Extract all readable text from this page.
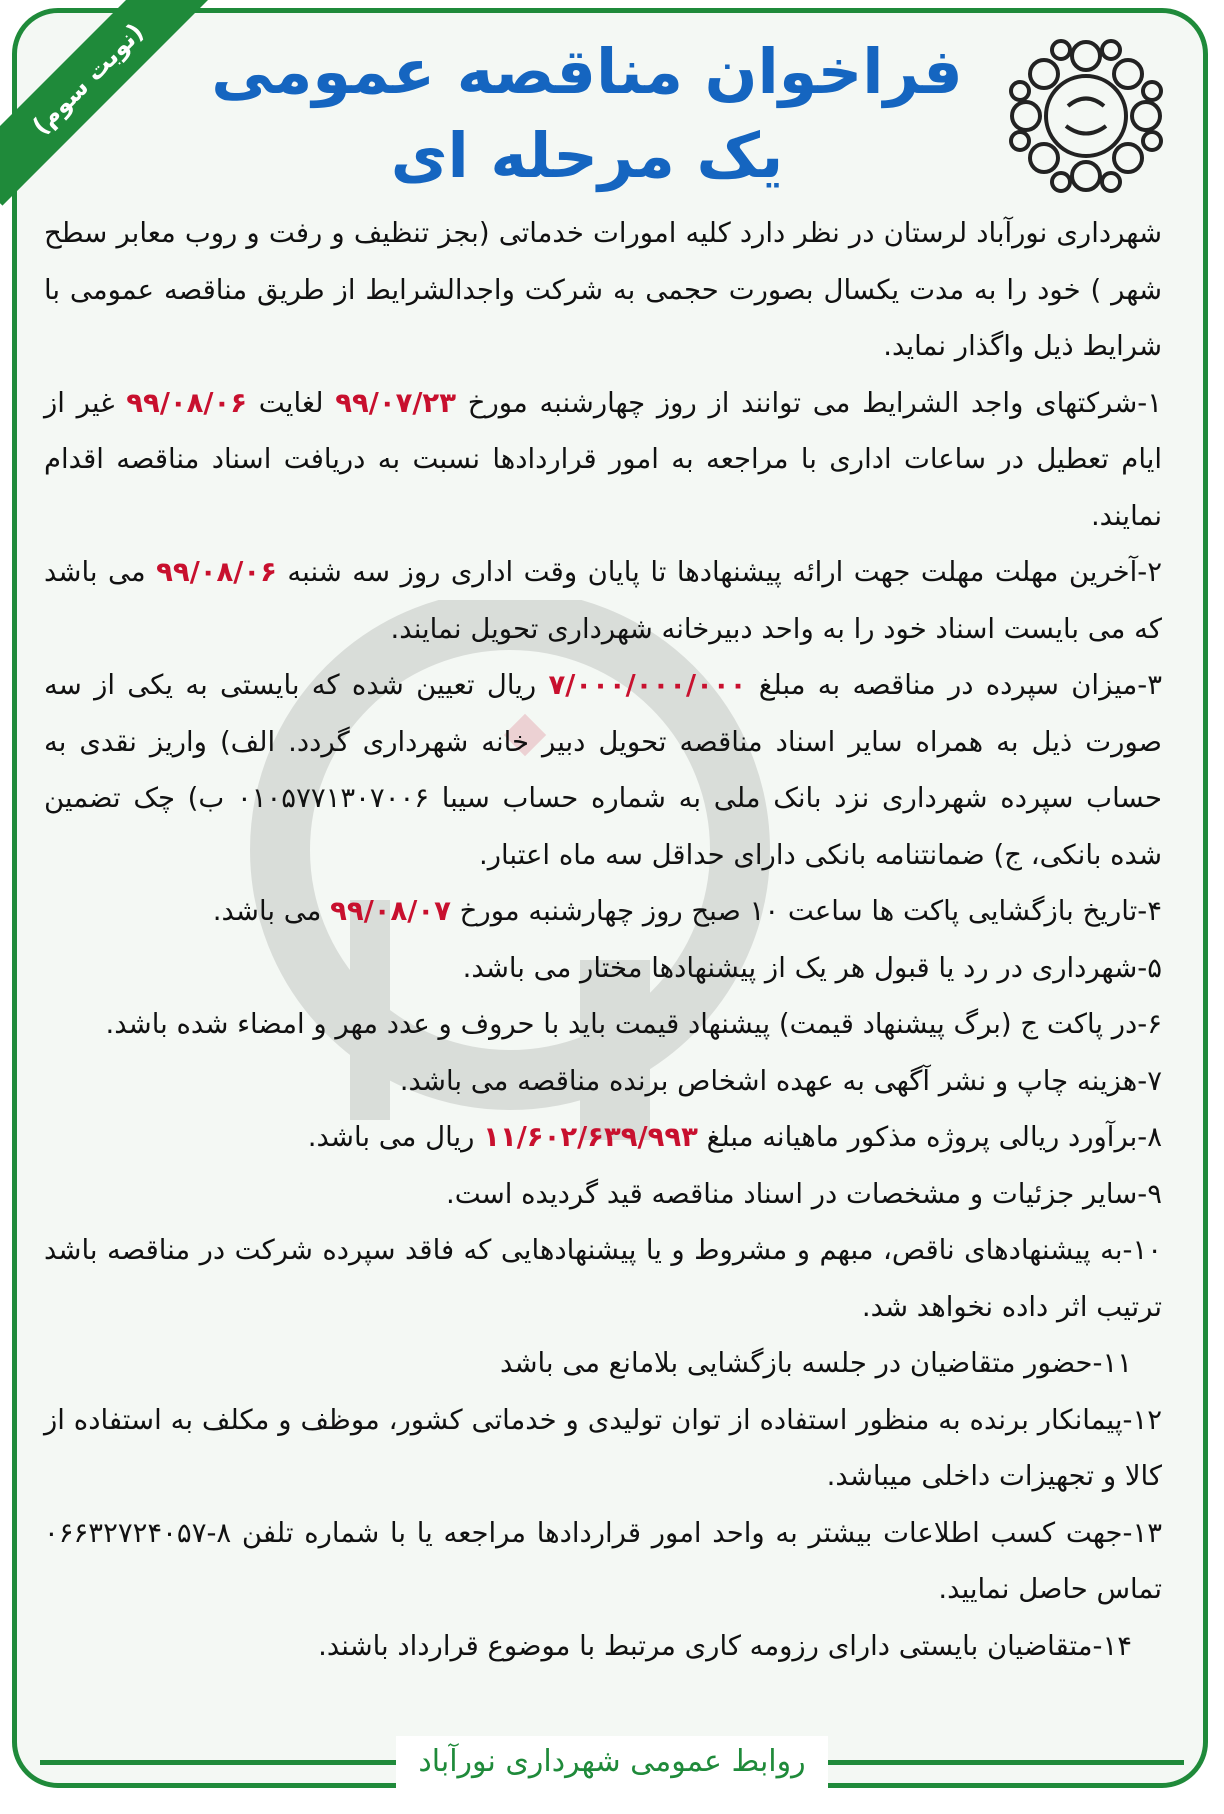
(نوبت سوم)
فراخوان مناقصه عمومی
یک مرحله ای

شهرداری نورآباد لرستان در نظر دارد کلیه امورات خدماتی (بجز تنظیف و رفت و روب معابر سطح شهر ) خود را به مدت یکسال بصورت حجمی به شرکت واجدالشرایط از طریق مناقصه عمومی با شرایط ذیل واگذار نماید.

۱-شرکتهای واجد الشرایط می توانند از روز چهارشنبه مورخ ۹۹/۰۷/۲۳ لغایت ۹۹/۰۸/۰۶ غیر از ایام تعطیل در ساعات اداری با مراجعه به امور قراردادها نسبت به دریافت اسناد مناقصه اقدام نمایند.

۲-آخرین مهلت مهلت جهت ارائه پیشنهادها تا پایان وقت اداری روز سه شنبه ۹۹/۰۸/۰۶ می باشد که می بایست اسناد خود را به واحد دبیرخانه شهرداری تحویل نمایند.

۳-میزان سپرده در مناقصه به مبلغ ۷/۰۰۰/۰۰۰/۰۰۰ ریال تعیین شده که بایستی به یکی از سه صورت ذیل به همراه سایر اسناد مناقصه تحویل دبیر خانه شهرداری گردد. الف) واریز نقدی به حساب سپرده شهرداری نزد بانک ملی به شماره حساب سیبا ۰۱۰۵۷۷۱۳۰۷۰۰۶ ب) چک تضمین شده بانکی، ج) ضمانتنامه بانکی دارای حداقل سه ماه اعتبار.

۴-تاریخ بازگشایی پاکت ها ساعت ۱۰ صبح روز چهارشنبه مورخ ۹۹/۰۸/۰۷ می باشد.

۵-شهرداری در رد یا قبول هر یک از پیشنهادها مختار می باشد.

۶-در پاکت ج (برگ پیشنهاد قیمت) پیشنهاد قیمت باید با حروف و عدد مهر و امضاء شده باشد.

۷-هزینه چاپ و نشر آگهی به عهده اشخاص برنده مناقصه می باشد.

۸-برآورد ریالی پروژه مذکور ماهیانه مبلغ ۱۱/۶۰۲/۶۳۹/۹۹۳ ریال می باشد.

۹-سایر جزئیات و مشخصات در اسناد مناقصه قید گردیده است.

۱۰-به پیشنهادهای ناقص، مبهم و مشروط و یا پیشنهادهایی که فاقد سپرده شرکت در مناقصه باشد ترتیب اثر داده نخواهد شد.

۱۱-حضور متقاضیان در جلسه بازگشایی بلامانع می باشد

۱۲-پیمانکار برنده به منظور استفاده از توان تولیدی و خدماتی کشور، موظف و مکلف به استفاده از کالا و تجهیزات داخلی میباشد.

۱۳-جهت کسب اطلاعات بیشتر به واحد امور قراردادها مراجعه یا با شماره تلفن ۸-۰۶۶۳۲۷۲۴۰۵۷ تماس حاصل نمایید.

۱۴-متقاضیان بایستی دارای رزومه کاری مرتبط با موضوع قرارداد باشند.

روابط عمومی شهرداری نورآباد
